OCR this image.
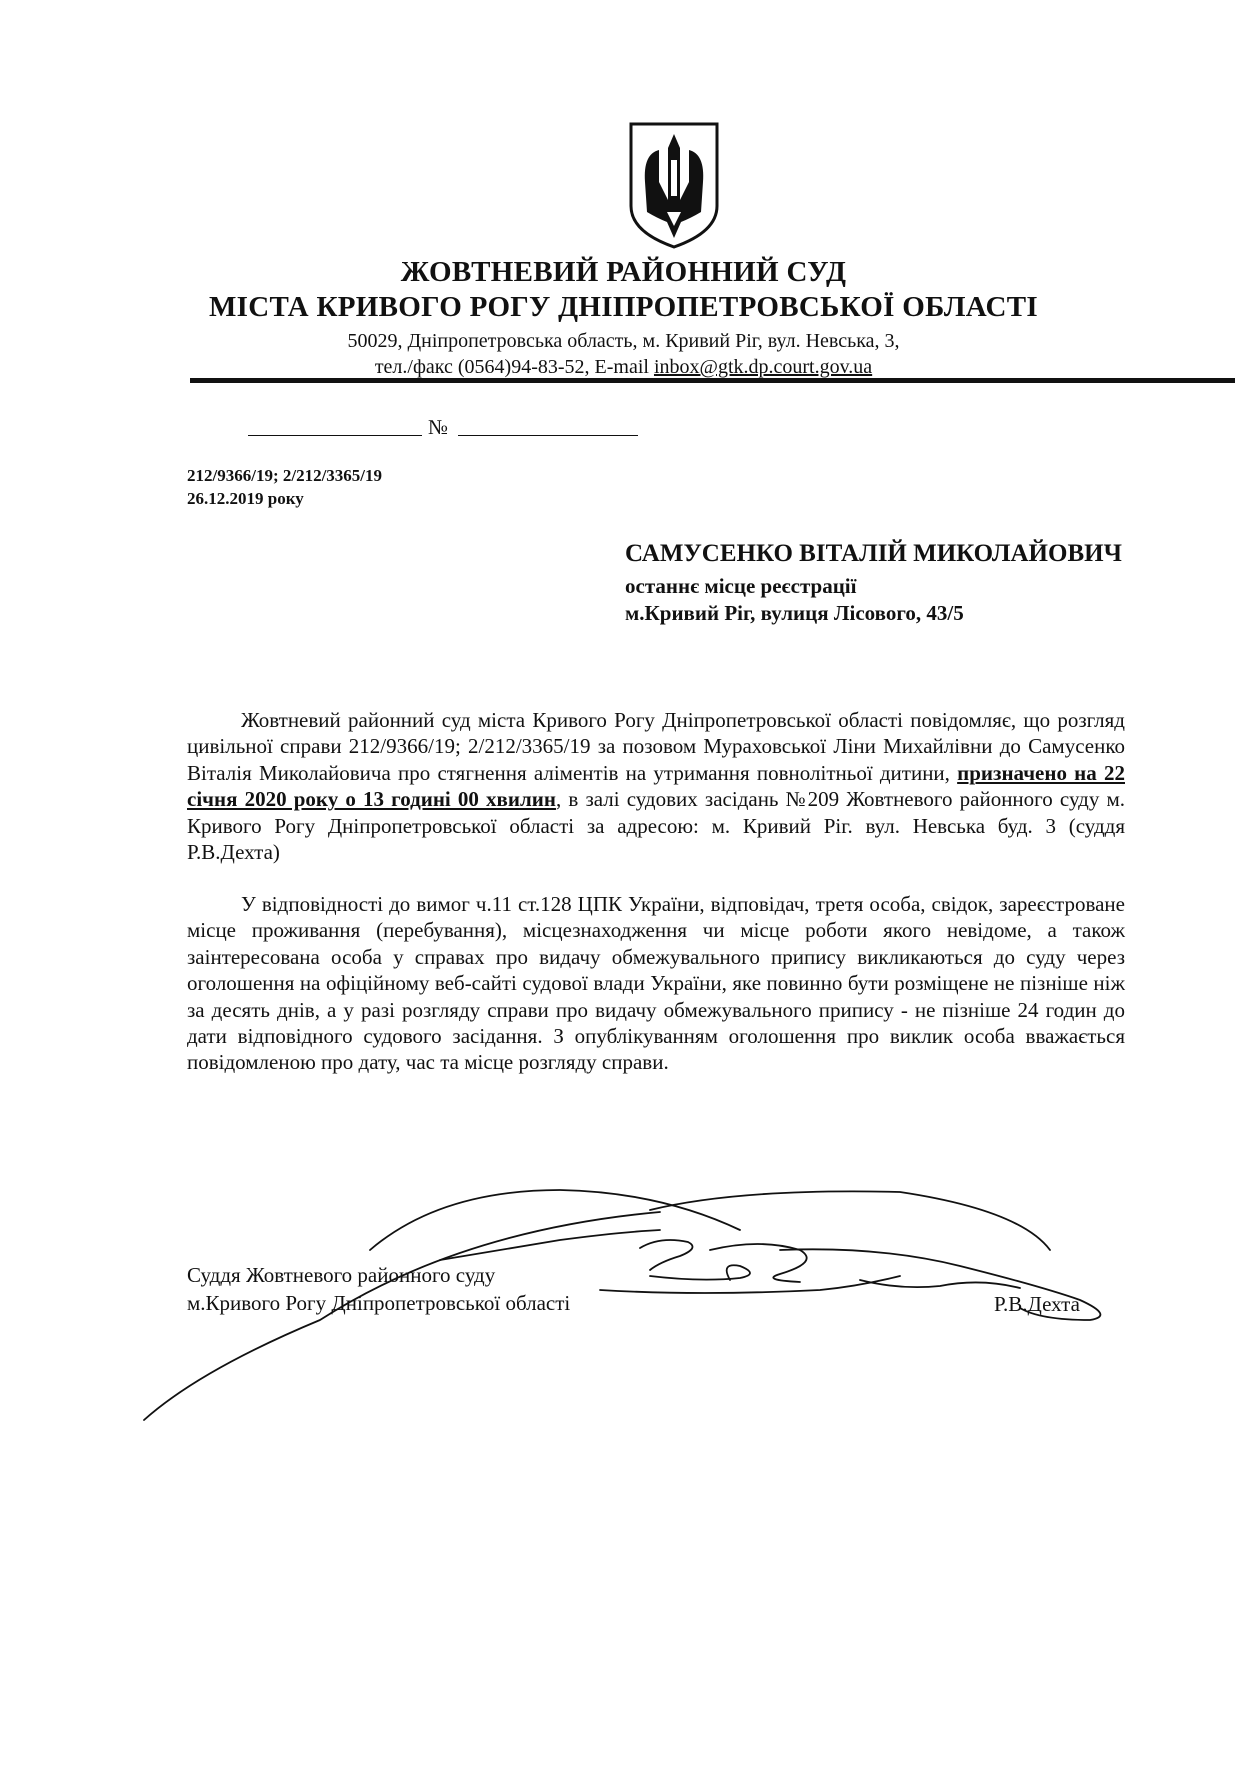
ЖОВТНЕВИЙ РАЙОННИЙ СУД
МІСТА КРИВОГО РОГУ ДНІПРОПЕТРОВСЬКОЇ ОБЛАСТІ
50029, Дніпропетровська область, м. Кривий Ріг, вул. Невська, 3,
тел./факс (0564)94-83-52, E-mail inbox@gtk.dp.court.gov.ua
№
212/9366/19; 2/212/3365/19
26.12.2019 року
САМУСЕНКО ВІТАЛІЙ МИКОЛАЙОВИЧ
останнє місце реєстрації
м.Кривий Ріг, вулиця Лісового, 43/5

Жовтневий районний суд міста Кривого Рогу Дніпропетровської області повідомляє, що розгляд цивільної справи 212/9366/19; 2/212/3365/19 за позовом Мураховської Ліни Михайлівни до Самусенко Віталія Миколайовича про стягнення аліментів на утримання повнолітньої дитини, призначено на 22 січня 2020 року о 13 годині 00 хвилин, в залі судових засідань №209 Жовтневого районного суду м. Кривого Рогу Дніпропетровської області за адресою: м. Кривий Ріг. вул. Невська буд. 3 (суддя Р.В.Дехта)

У відповідності до вимог ч.11 ст.128 ЦПК України, відповідач, третя особа, свідок, зареєстроване місце проживання (перебування), місцезнаходження чи місце роботи якого невідоме, а також заінтересована особа у справах про видачу обмежувального припису викликаються до суду через оголошення на офіційному веб-сайті судової влади України, яке повинно бути розміщене не пізніше ніж за десять днів, а у разі розгляду справи про видачу обмежувального припису - не пізніше 24 годин до дати відповідного судового засідання. З опублікуванням оголошення про виклик особа вважається повідомленою про дату, час та місце розгляду справи.

Суддя Жовтневого районного суду
м.Кривого Рогу Дніпропетровської області	Р.В.Дехта
